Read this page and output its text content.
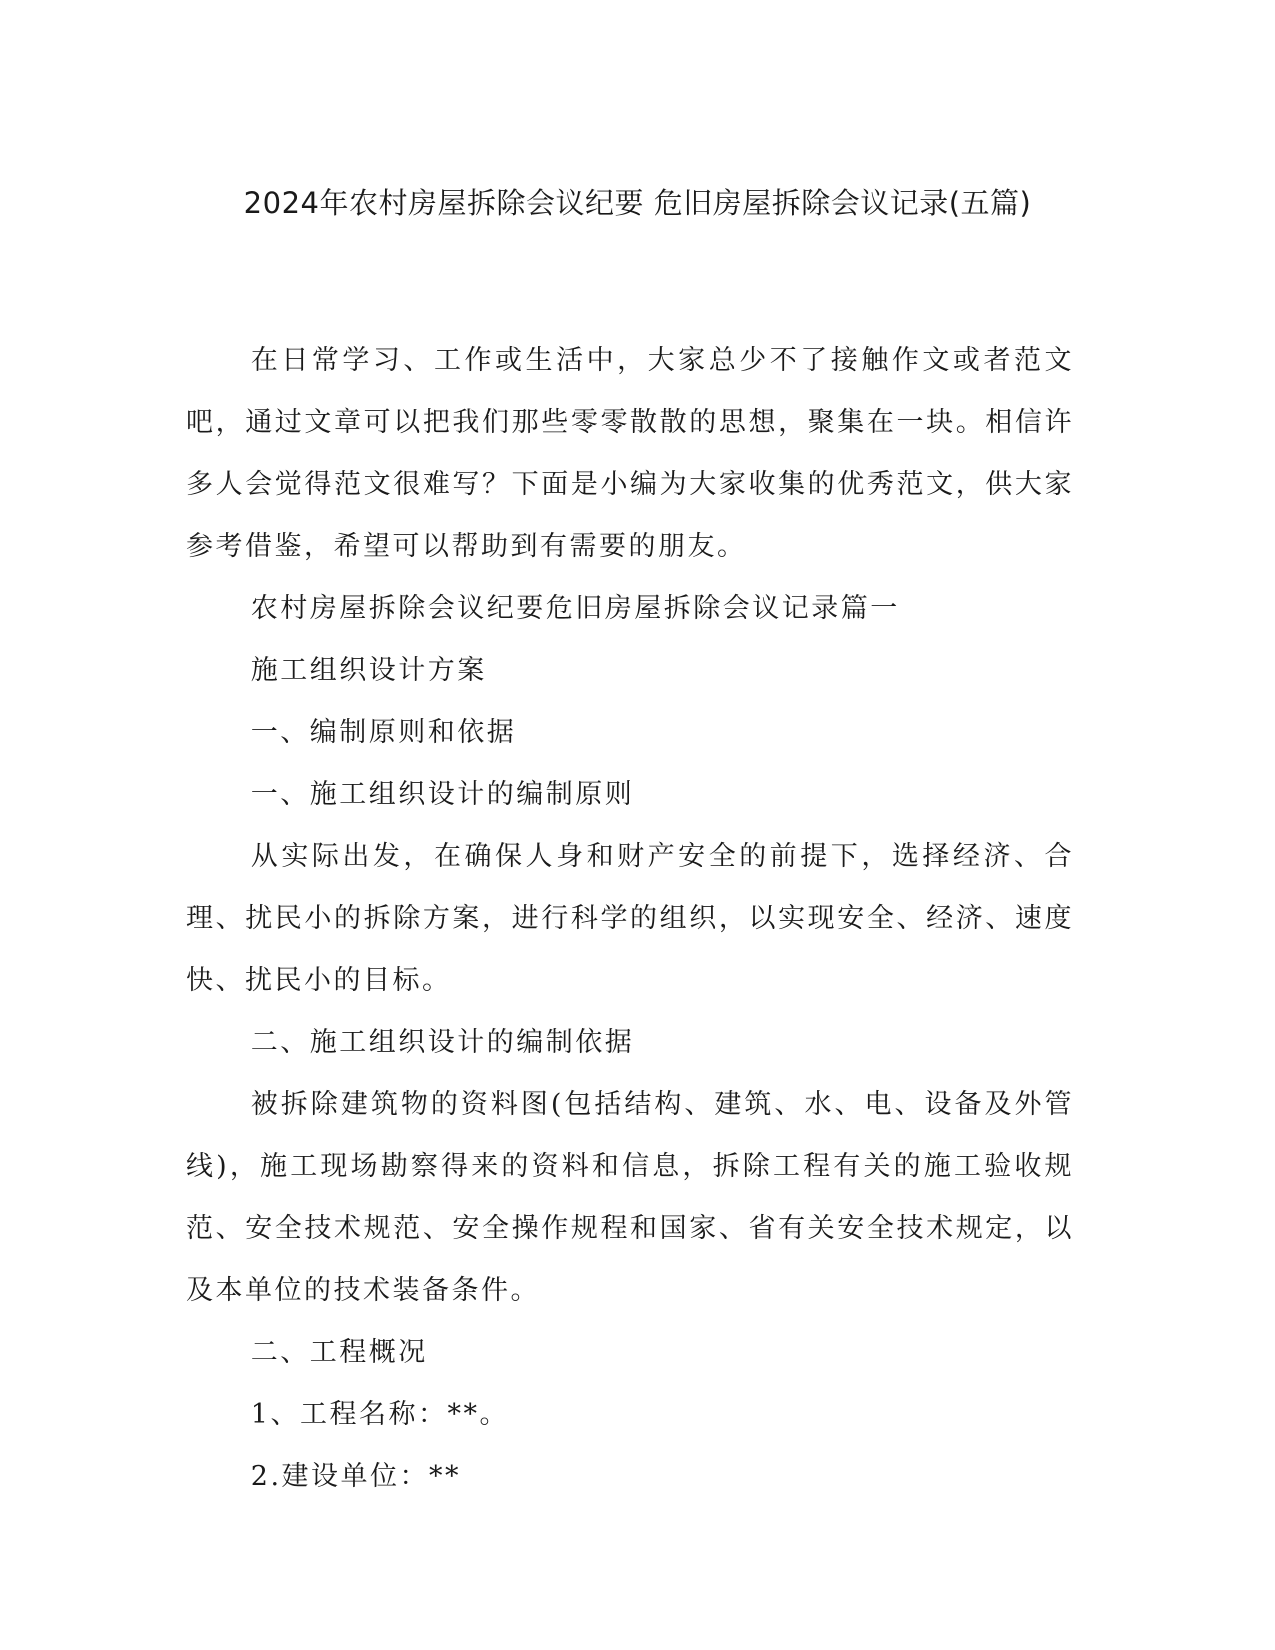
2024年农村房屋拆除会议纪要 危旧房屋拆除会议记录(五篇)

在日常学习、工作或生活中，大家总少不了接触作文或者范文吧，通过文章可以把我们那些零零散散的思想，聚集在一块。相信许多人会觉得范文很难写？下面是小编为大家收集的优秀范文，供大家参考借鉴，希望可以帮助到有需要的朋友。

农村房屋拆除会议纪要危旧房屋拆除会议记录篇一

施工组织设计方案

一、编制原则和依据

一、施工组织设计的编制原则

从实际出发，在确保人身和财产安全的前提下，选择经济、合理、扰民小的拆除方案，进行科学的组织，以实现安全、经济、速度快、扰民小的目标。

二、施工组织设计的编制依据

被拆除建筑物的资料图(包括结构、建筑、水、电、设备及外管线)，施工现场勘察得来的资料和信息，拆除工程有关的施工验收规范、安全技术规范、安全操作规程和国家、省有关安全技术规定，以及本单位的技术装备条件。

二、工程概况

1、工程名称：**。

2.建设单位：**
